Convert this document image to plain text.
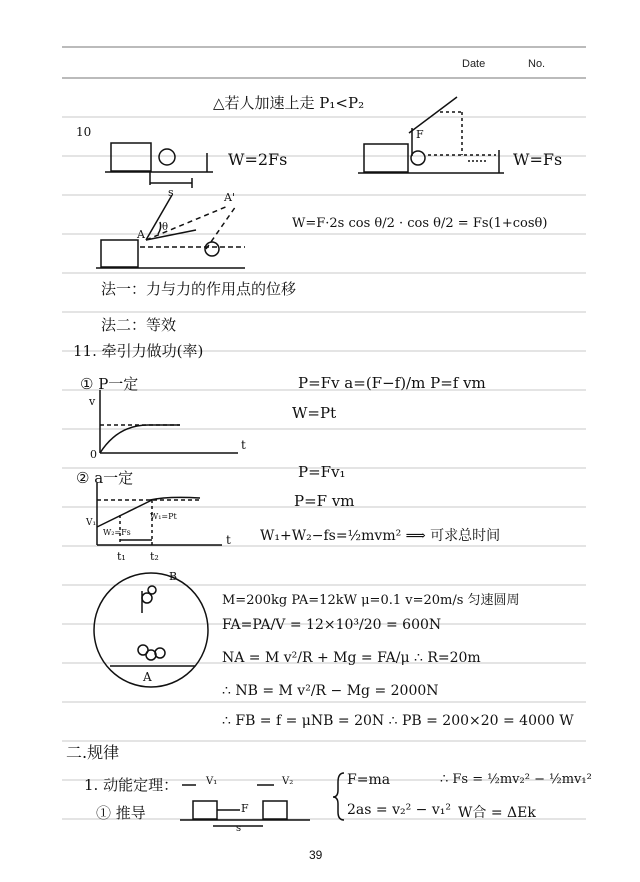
Date	No.
△若人加速上走 P₁<P₂
10
W=2Fs	W=Fs
W=F·2s cos θ/2 · cos θ/2 = Fs(1+cosθ)
法一：力与力的作用点的位移
法二：等效
11. 牵引力做功(率)
① P一定	P=Fv a=(F−f)/m P=f vm
W=Pt
② a一定	P=Fv₁
P=F vm
W₁+W₂−fs=½mvm² ⟹ 可求总时间
M=200kg PA=12kW μ=0.1 v=20m/s 匀速圆周
FA=PA/V = 12×10³/20 = 600N
NA = M v²/R + Mg = FA/μ ∴ R=20m
∴ NB = M v²/R − Mg = 2000N
∴ FB = f = μNB = 20N ∴ PB = 200×20 = 4000 W
二.规律
1. 动能定理：	F=ma	∴ Fs = ½mv₂² − ½mv₁²
① 推导	2as = v₂² − v₁² W合 = ΔEk
s
F
A
A'
θ
v
0
t
V₁
W₂=Fs
W₁=Pt
t₁ t₂
t
B
A
V₁	V₂
F
s
39
